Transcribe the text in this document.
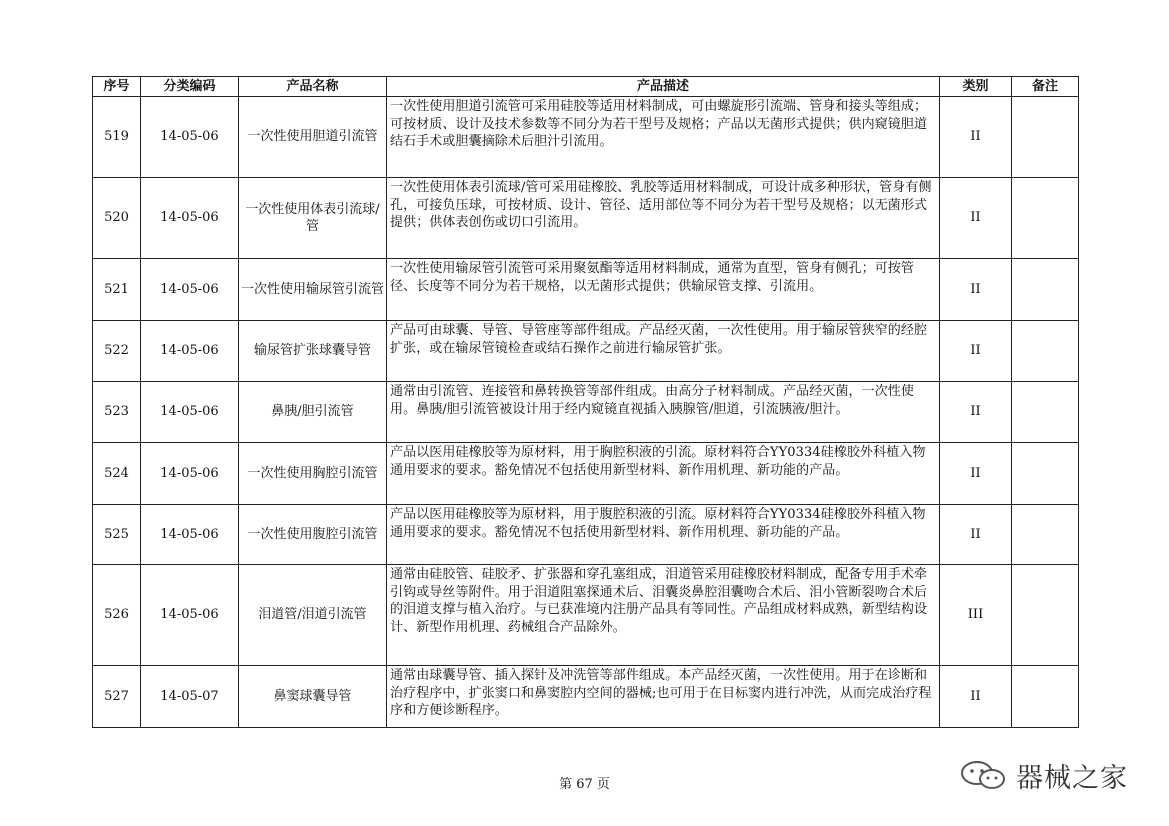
序号	分类编码	产品名称	产品描述	类别	备注
519	14-05-06	一次性使用胆道引流管	一次性使用胆道引流管可采用硅胶等适用材料制成，可由螺旋形引流端、管身和接头等组成；可按材质、设计及技术参数等不同分为若干型号及规格；产品以无菌形式提供；供内窥镜胆道结石手术或胆囊摘除术后胆汁引流用。	II	
520	14-05-06	一次性使用体表引流球/管	一次性使用体表引流球/管可采用硅橡胶、乳胶等适用材料制成，可设计成多种形状，管身有侧孔，可接负压球，可按材质、设计、管径、适用部位等不同分为若干型号及规格；以无菌形式提供；供体表创伤或切口引流用。	II	
521	14-05-06	一次性使用输尿管引流管	一次性使用输尿管引流管可采用聚氨酯等适用材料制成，通常为直型，管身有侧孔；可按管径、长度等不同分为若干规格，以无菌形式提供；供输尿管支撑、引流用。	II	
522	14-05-06	输尿管扩张球囊导管	产品可由球囊、导管、导管座等部件组成。产品经灭菌，一次性使用。用于输尿管狭窄的经腔扩张，或在输尿管镜检查或结石操作之前进行输尿管扩张。	II	
523	14-05-06	鼻胰/胆引流管	通常由引流管、连接管和鼻转换管等部件组成。由高分子材料制成。产品经灭菌，一次性使用。鼻胰/胆引流管被设计用于经内窥镜直视插入胰腺管/胆道，引流胰液/胆汁。	II	
524	14-05-06	一次性使用胸腔引流管	产品以医用硅橡胶等为原材料，用于胸腔积液的引流。原材料符合YY0334硅橡胶外科植入物通用要求的要求。豁免情况不包括使用新型材料、新作用机理、新功能的产品。	II	
525	14-05-06	一次性使用腹腔引流管	产品以医用硅橡胶等为原材料，用于腹腔积液的引流。原材料符合YY0334硅橡胶外科植入物通用要求的要求。豁免情况不包括使用新型材料、新作用机理、新功能的产品。	II	
526	14-05-06	泪道管/泪道引流管	通常由硅胶管、硅胶矛、扩张器和穿孔塞组成，泪道管采用硅橡胶材料制成，配备专用手术牵引钩或导丝等附件。用于泪道阻塞探通术后、泪囊炎鼻腔泪囊吻合术后、泪小管断裂吻合术后的泪道支撑与植入治疗。与已获准境内注册产品具有等同性。产品组成材料成熟，新型结构设计、新型作用机理、药械组合产品除外。	III	
527	14-05-07	鼻窦球囊导管	通常由球囊导管、插入探针及冲洗管等部件组成。本产品经灭菌，一次性使用。用于在诊断和治疗程序中，扩张窦口和鼻窦腔内空间的器械;也可用于在目标窦内进行冲洗，从而完成治疗程序和方便诊断程序。	II	
第 67 页	器械之家
